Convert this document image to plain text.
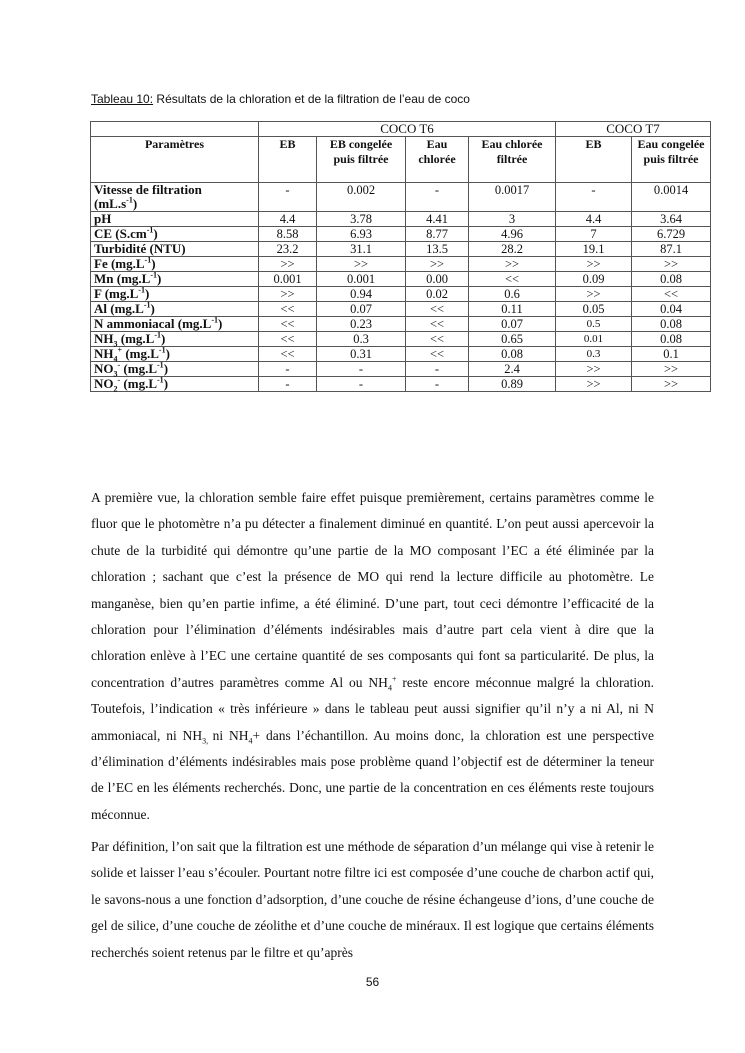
Tableau 10: Résultats de la chloration et de la filtration de l’eau de coco
	COCO T6				COCO T7	
Paramètres	EB	EB congelée puis filtrée	Eau chlorée	Eau chlorée filtrée	EB	Eau congelée puis filtrée
Vitesse de filtration
$(mL.s^{-1})$	-	0.002	-	0.0017	-	0.0014
pH	4.4	3.78	4.41	3	4.4	3.64
CE $(S.cm^{-1})$	8.58	6.93	8.77	4.96	7	6.729
Turbidité (NTU)	23.2	31.1	13.5	28.2	19.1	87.1
Fe $(mg.L^{-1})$	>>	>>	>>	>>	>>	>>
Mn $(mg.L^{-1})$	0.001	0.001	0.00	<<	0.09	0.08
F $(mg.L^{-1})$	>>	0.94	0.02	0.6	>>	<<
Al $(mg.L^{-1})$	<<	0.07	<<	0.11	0.05	0.04
N ammoniacal $(mg.L^{-1})$	<<	0.23	<<	0.07	0.5	0.08
$NH_3$ $(mg.L^{-1})$	<<	0.3	<<	0.65	0.01	0.08
$NH_4^+$ $(mg.L^{-1})$	<<	0.31	<<	0.08	0.3	0.1
$NO_3^-$ $(mg.L^{-1})$	-	-	-	2.4	>>	>>
$NO_2^-$ $(mg.L^{-1})$	-	-	-	0.89	>>	>>

A première vue, la chloration semble faire effet puisque premièrement, certains paramètres comme le fluor que le photomètre n’a pu détecter a finalement diminué en quantité. L’on peut aussi apercevoir la chute de la turbidité qui démontre qu’une partie de la MO composant l’EC a été éliminée par la chloration ; sachant que c’est la présence de MO qui rend la lecture difficile au photomètre. Le manganèse, bien qu’en partie infime, a été éliminé. D’une part, tout ceci démontre l’efficacité de la chloration pour l’élimination d’éléments indésirables mais d’autre part cela vient à dire que la chloration enlève à l’EC une certaine quantité de ses composants qui font sa particularité. De plus, la concentration d’autres paramètres comme Al ou $NH_4^+$ reste encore méconnue malgré la chloration. Toutefois, l’indication « très inférieure » dans le tableau peut aussi signifier qu’il n’y a ni Al, ni N ammoniacal, ni $NH_{3,}$ ni $NH_4+$ dans l’échantillon. Au moins donc, la chloration est une perspective d’élimination d’éléments indésirables mais pose problème quand l’objectif est de déterminer la teneur de l’EC en les éléments recherchés. Donc, une partie de la concentration en ces éléments reste toujours méconnue.

Par définition, l’on sait que la filtration est une méthode de séparation d’un mélange qui vise à retenir le solide et laisser l’eau s’écouler. Pourtant notre filtre ici est composée d’une couche de charbon actif qui, le savons-nous a une fonction d’adsorption, d’une couche de résine échangeuse d’ions, d’une couche de gel de silice, d’une couche de zéolithe et d’une couche de minéraux. Il est logique que certains éléments recherchés soient retenus par le filtre et qu’après

56
